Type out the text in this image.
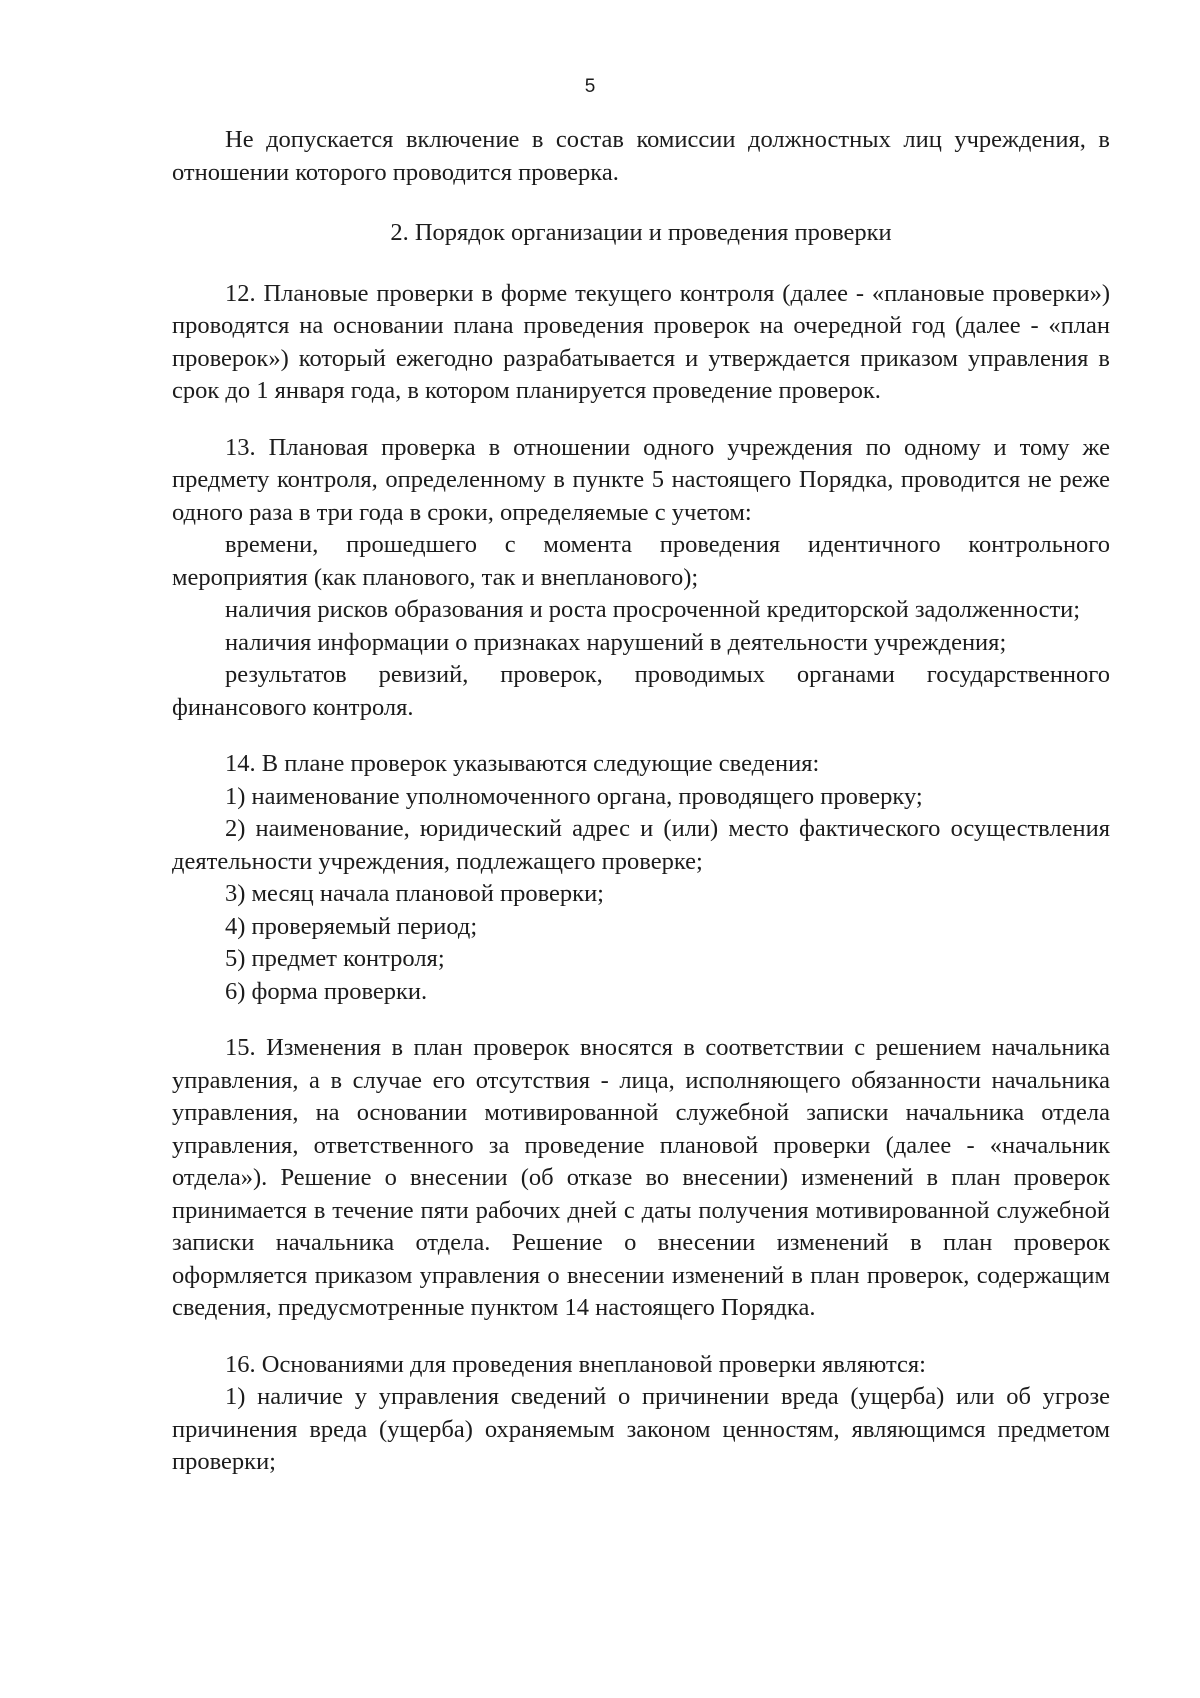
5

Не допускается включение в состав комиссии должностных лиц учреждения, в отношении которого проводится проверка.

2. Порядок организации и проведения проверки

12. Плановые проверки в форме текущего контроля (далее - «плановые проверки») проводятся на основании плана проведения проверок на очередной год (далее - «план проверок») который ежегодно разрабатывается и утверждается приказом управления в срок до 1 января года, в котором планируется проведение проверок.

13. Плановая проверка в отношении одного учреждения по одному и тому же предмету контроля, определенному в пункте 5 настоящего Порядка, проводится не реже одного раза в три года в сроки, определяемые с учетом:

времени, прошедшего с момента проведения идентичного контрольного мероприятия (как планового, так и внепланового);

наличия рисков образования и роста просроченной кредиторской задолженности;

наличия информации о признаках нарушений в деятельности учреждения;

результатов ревизий, проверок, проводимых органами государственного финансового контроля.

14. В плане проверок указываются следующие сведения:

1) наименование уполномоченного органа, проводящего проверку;

2) наименование, юридический адрес и (или) место фактического осуществления деятельности учреждения, подлежащего проверке;

3) месяц начала плановой проверки;

4) проверяемый период;

5) предмет контроля;

6) форма проверки.

15. Изменения в план проверок вносятся в соответствии с решением начальника управления, а в случае его отсутствия - лица, исполняющего обязанности начальника управления, на основании мотивированной служебной записки начальника отдела управления, ответственного за проведение плановой проверки (далее - «начальник отдела»). Решение о внесении (об отказе во внесении) изменений в план проверок принимается в течение пяти рабочих дней с даты получения мотивированной служебной записки начальника отдела. Решение о внесении изменений в план проверок оформляется приказом управления о внесении изменений в план проверок, содержащим сведения, предусмотренные пунктом 14 настоящего Порядка.

16. Основаниями для проведения внеплановой проверки являются:

1) наличие у управления сведений о причинении вреда (ущерба) или об угрозе причинения вреда (ущерба) охраняемым законом ценностям, являющимся предметом проверки;
